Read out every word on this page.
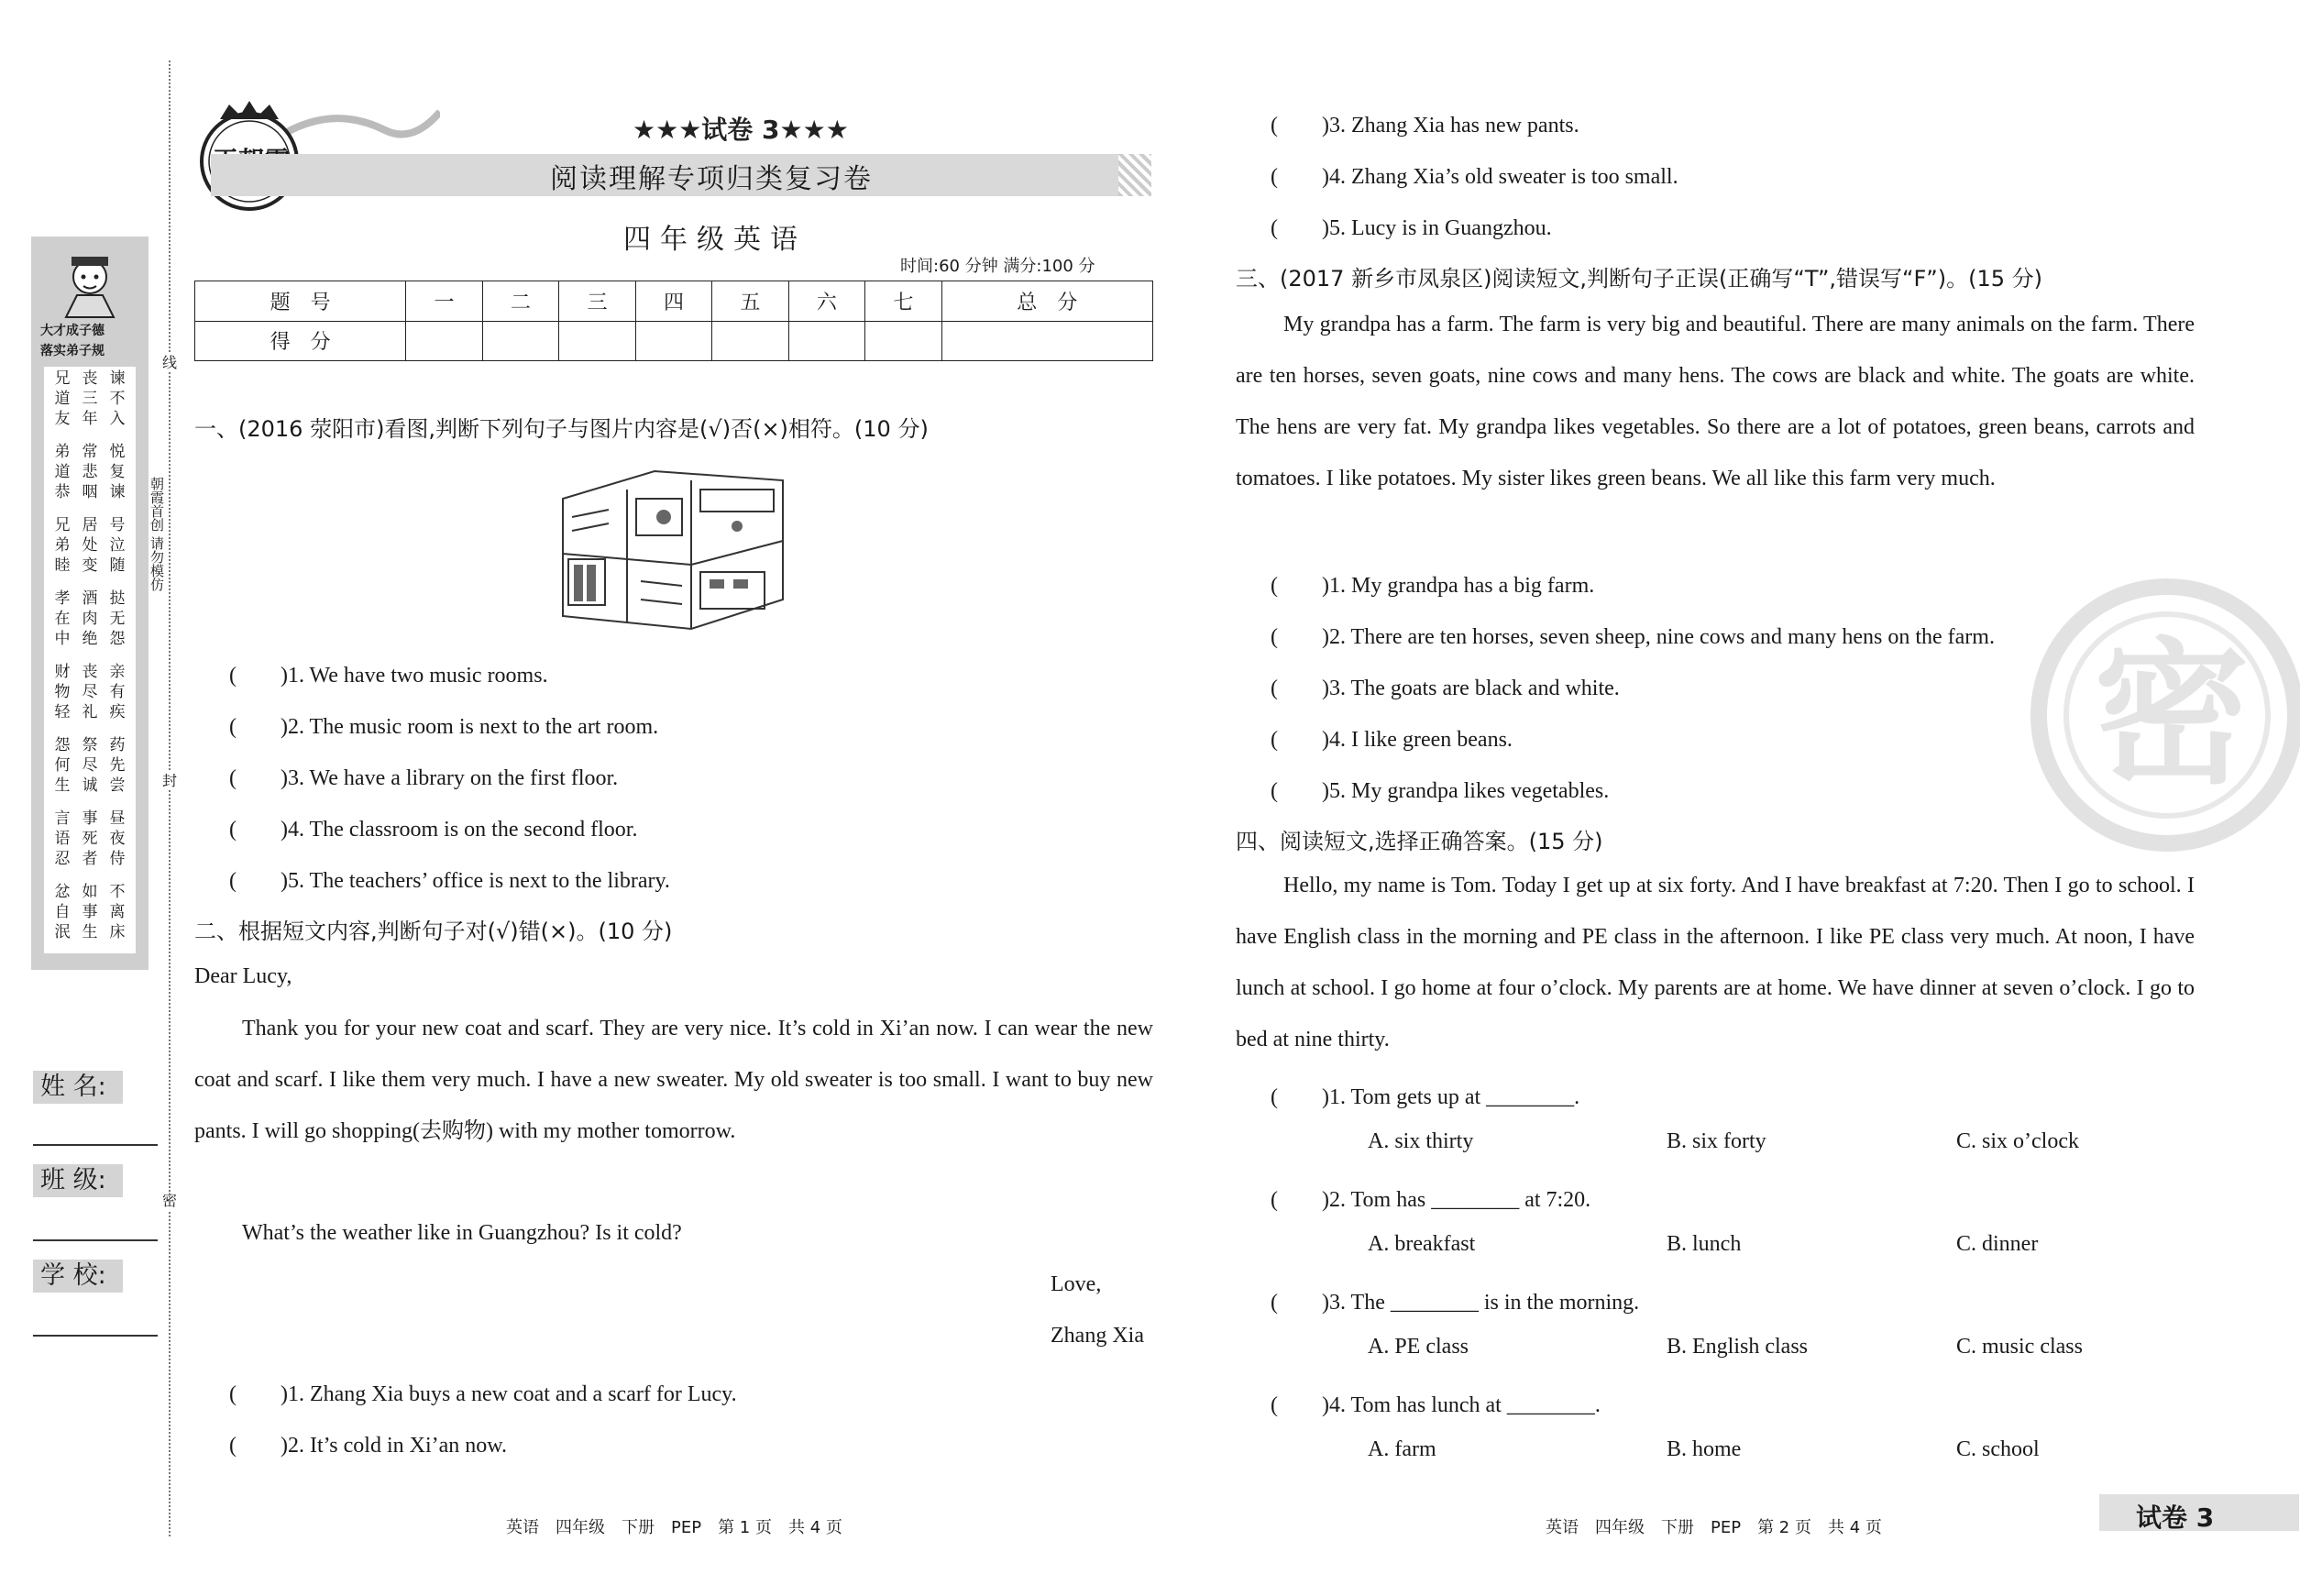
大才成子德
落实弟子规
兄道友
丧三年
谏不入
弟道恭
常悲咽
悦复谏
兄弟睦
居处变
号泣随
孝在中
酒肉绝
挞无怨
财物轻
丧尽礼
亲有疾
怨何生
祭尽诚
药先尝
言语忍
事死者
昼夜侍
忿自泯
如事生
不离床
姓 名:
班 级:
学 校:
线
封
密
朝霞首创 请勿模仿
★★★试卷 3★★★
阅读理解专项归类复习卷
四年级英语
时间:60 分钟 满分:100 分
题　号	一	二	三	四	五	六	七	总　分
得　分								
一、(2016 荥阳市)看图,判断下列句子与图片内容是(√)否(×)相符。(10 分)
(　　)1. We have two music rooms.
(　　)2. The music room is next to the art room.
(　　)3. We have a library on the first floor.
(　　)4. The classroom is on the second floor.
(　　)5. The teachers’ office is next to the library.
二、根据短文内容,判断句子对(√)错(×)。(10 分)
Dear Lucy,
Thank you for your new coat and scarf. They are very nice. It’s cold in Xi’an now. I can wear the new coat and scarf. I like them very much. I have a new sweater. My old sweater is too small. I want to buy new pants. I will go shopping(去购物) with my mother tomorrow.
What’s the weather like in Guangzhou? Is it cold?
Love,
Zhang Xia
(　　)1. Zhang Xia buys a new coat and a scarf for Lucy.
(　　)2. It’s cold in Xi’an now.
(　　)3. Zhang Xia has new pants.
(　　)4. Zhang Xia’s old sweater is too small.
(　　)5. Lucy is in Guangzhou.
三、(2017 新乡市凤泉区)阅读短文,判断句子正误(正确写“T”,错误写“F”)。(15 分)
My grandpa has a farm. The farm is very big and beautiful. There are many animals on the farm. There are ten horses, seven goats, nine cows and many hens. The cows are black and white. The goats are white. The hens are very fat. My grandpa likes vegetables. So there are a lot of potatoes, green beans, carrots and tomatoes. I like potatoes. My sister likes green beans. We all like this farm very much.
(　　)1. My grandpa has a big farm.
(　　)2. There are ten horses, seven sheep, nine cows and many hens on the farm.
(　　)3. The goats are black and white.
(　　)4. I like green beans.
(　　)5. My grandpa likes vegetables.
四、阅读短文,选择正确答案。(15 分)
Hello, my name is Tom. Today I get up at six forty. And I have breakfast at 7:20. Then I go to school. I have English class in the morning and PE class in the afternoon. I like PE class very much. At noon, I have lunch at school. I go home at four o’clock. My parents are at home. We have dinner at seven o’clock. I go to bed at nine thirty.
(　　)1. Tom gets up at ________.
A. six thirty	B. six forty	C. six o’clock
(　　)2. Tom has ________ at 7:20.
A. breakfast	B. lunch	C. dinner
(　　)3. The ________ is in the morning.
A. PE class	B. English class	C. music class
(　　)4. Tom has lunch at ________.
A. farm	B. home	C. school
密
英语　四年级　下册　PEP　第 1 页　共 4 页	英语　四年级　下册　PEP　第 2 页　共 4 页	试卷 3
